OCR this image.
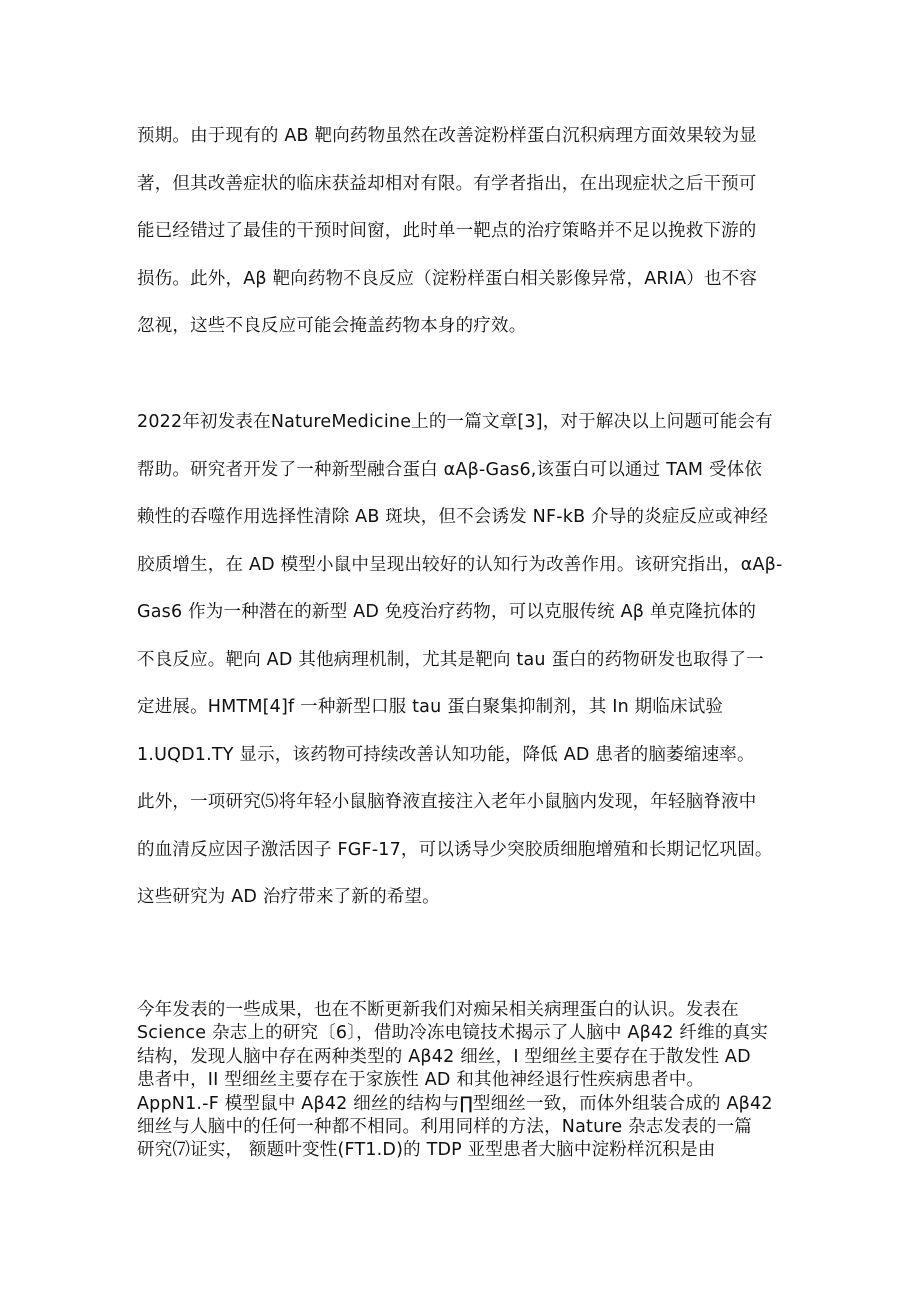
预期。由于现有的 AB 靶向药物虽然在改善淀粉样蛋白沉积病理方面效果较为显
著，但其改善症状的临床获益却相对有限。有学者指出，在出现症状之后干预可
能已经错过了最佳的干预时间窗，此时单一靶点的治疗策略并不足以挽救下游的
损伤。此外，Aβ 靶向药物不良反应（淀粉样蛋白相关影像异常，ARIA）也不容
忽视，这些不良反应可能会掩盖药物本身的疗效。
2022年初发表在NatureMedicine上的一篇文章[3]，对于解决以上问题可能会有
帮助。研究者开发了一种新型融合蛋白 αAβ-Gas6,该蛋白可以通过 TAM 受体依
赖性的吞噬作用选择性清除 AB 斑块，但不会诱发 NF-kB 介导的炎症反应或神经
胶质增生，在 AD 模型小鼠中呈现出较好的认知行为改善作用。该研究指出，αAβ-
Gas6 作为一种潜在的新型 AD 免疫治疗药物，可以克服传统 Aβ 单克隆抗体的
不良反应。靶向 AD 其他病理机制，尤其是靶向 tau 蛋白的药物研发也取得了一
定进展。HMTM[4]f 一种新型口服 tau 蛋白聚集抑制剂，其 In 期临床试验
1.UQD1.TY 显示，该药物可持续改善认知功能，降低 AD 患者的脑萎缩速率。
此外，一项研究⑸将年轻小鼠脑脊液直接注入老年小鼠脑内发现，年轻脑脊液中
的血清反应因子激活因子 FGF-17，可以诱导少突胶质细胞增殖和长期记忆巩固。
这些研究为 AD 治疗带来了新的希望。
今年发表的一些成果，也在不断更新我们对痴呆相关病理蛋白的认识。发表在
Science 杂志上的研究〔6〕，借助冷冻电镜技术揭示了人脑中 Aβ42 纤维的真实
结构，发现人脑中存在两种类型的 Aβ42 细丝，I 型细丝主要存在于散发性 AD
患者中，II 型细丝主要存在于家族性 AD 和其他神经退行性疾病患者中。
AppN1.-F 模型鼠中 Aβ42 细丝的结构与∏型细丝一致，而体外组装合成的 Aβ42
细丝与人脑中的任何一种都不相同。利用同样的方法，Nature 杂志发表的一篇
研究⑺证实， 额题叶变性(FT1.D)的 TDP 亚型患者大脑中淀粉样沉积是由
